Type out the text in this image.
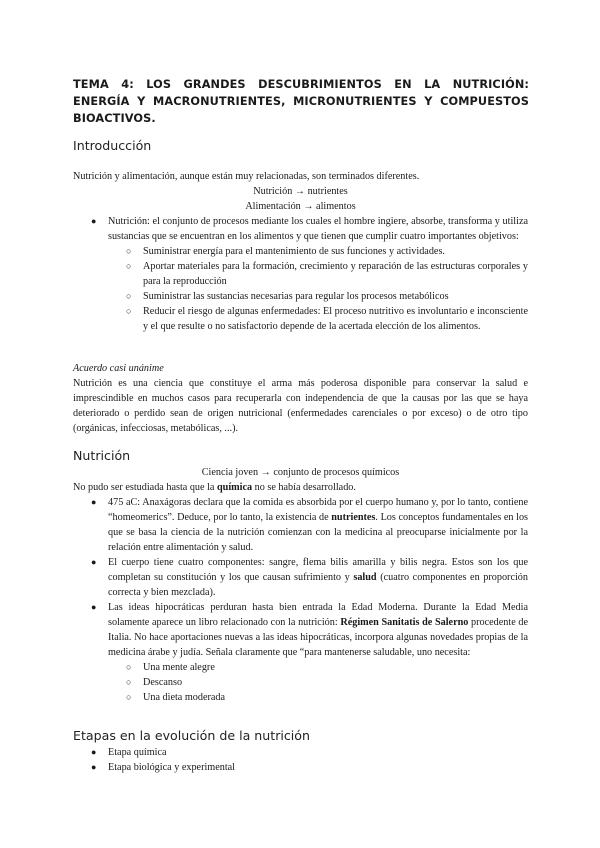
TEMA 4: LOS GRANDES DESCUBRIMIENTOS EN LA NUTRICIÓN: ENERGÍA Y MACRONUTRIENTES, MICRONUTRIENTES Y COMPUESTOS BIOACTIVOS.
Introducción
Nutrición y alimentación, aunque están muy relacionadas, son terminados diferentes.
Nutrición → nutrientes
Alimentación → alimentos
● Nutrición: el conjunto de procesos mediante los cuales el hombre ingiere, absorbe, transforma y utiliza sustancias que se encuentran en los alimentos y que tienen que cumplir cuatro importantes objetivos:
○ Suministrar energía para el mantenimiento de sus funciones y actividades.
○ Aportar materiales para la formación, crecimiento y reparación de las estructuras corporales y para la reproducción
○ Suministrar las sustancias necesarias para regular los procesos metabólicos
○ Reducir el riesgo de algunas enfermedades: El proceso nutritivo es involuntario e inconsciente y el que resulte o no satisfactorio depende de la acertada elección de los alimentos.
Acuerdo casi unánime
Nutrición es una ciencia que constituye el arma más poderosa disponible para conservar la salud e imprescindible en muchos casos para recuperarla con independencia de que la causas por las que se haya deteriorado o perdido sean de origen nutricional (enfermedades carenciales o por exceso) o de otro tipo (orgánicas, infecciosas, metabólicas, ...).
Nutrición
Ciencia joven → conjunto de procesos químicos
No pudo ser estudiada hasta que la química no se había desarrollado.
● 475 aC: Anaxágoras declara que la comida es absorbida por el cuerpo humano y, por lo tanto, contiene “homeomerics”. Deduce, por lo tanto, la existencia de nutrientes. Los conceptos fundamentales en los que se basa la ciencia de la nutrición comienzan con la medicina al preocuparse inicialmente por la relación entre alimentación y salud.
● El cuerpo tiene cuatro componentes: sangre, flema bilis amarilla y bilis negra. Estos son los que completan su constitución y los que causan sufrimiento y salud (cuatro componentes en proporción correcta y bien mezclada).
● Las ideas hipocráticas perduran hasta bien entrada la Edad Moderna. Durante la Edad Media solamente aparece un libro relacionado con la nutrición: Régimen Sanitatis de Salerno procedente de Italia. No hace aportaciones nuevas a las ideas hipocráticas, incorpora algunas novedades propias de la medicina árabe y judía. Señala claramente que “para mantenerse saludable, uno necesita:
○ Una mente alegre
○ Descanso
○ Una dieta moderada
Etapas en la evolución de la nutrición
● Etapa química
● Etapa biológica y experimental
